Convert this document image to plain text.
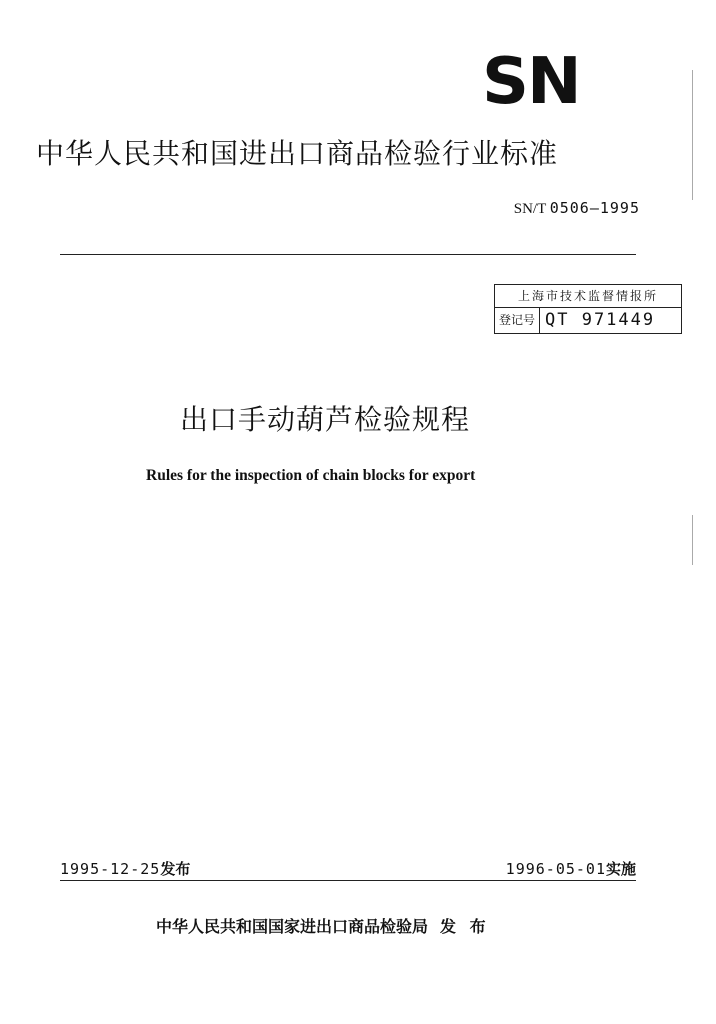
SN
中华人民共和国进出口商品检验行业标准
SN/T 0506—1995
上海市技术监督情报所
登记号 QT 971449
出口手动葫芦检验规程
Rules for the inspection of chain blocks for export
1995-12-25发布	1996-05-01实施
中华人民共和国国家进出口商品检验局 发 布
